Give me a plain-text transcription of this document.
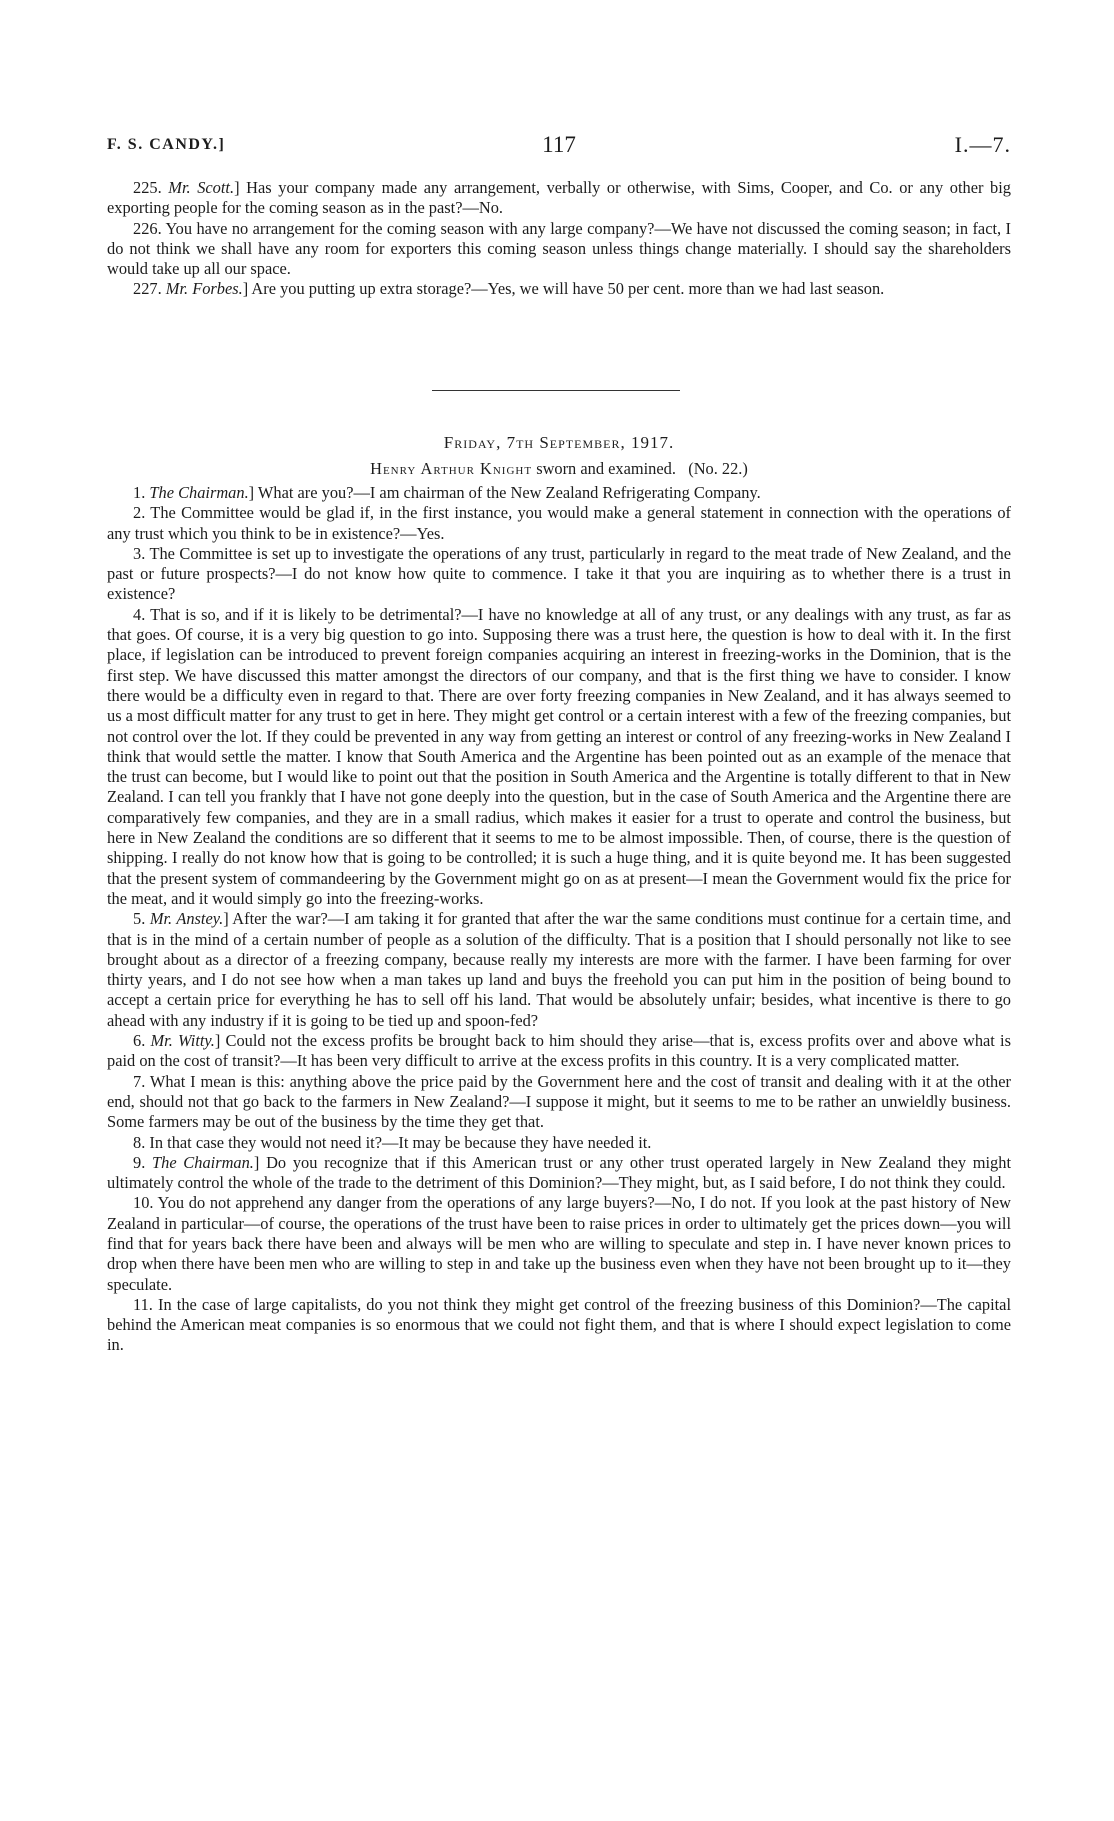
F. S. CANDY.]	117	I.—7.

225. Mr. Scott.] Has your company made any arrangement, verbally or otherwise, with Sims, Cooper, and Co. or any other big exporting people for the coming season as in the past?—No.

226. You have no arrangement for the coming season with any large company?—We have not discussed the coming season; in fact, I do not think we shall have any room for exporters this coming season unless things change materially. I should say the shareholders would take up all our space.

227. Mr. Forbes.] Are you putting up extra storage?—Yes, we will have 50 per cent. more than we had last season.

Friday, 7th September, 1917.
Henry Arthur Knight sworn and examined. (No. 22.)

1. The Chairman.] What are you?—I am chairman of the New Zealand Refrigerating Company.

2. The Committee would be glad if, in the first instance, you would make a general statement in connection with the operations of any trust which you think to be in existence?—Yes.

3. The Committee is set up to investigate the operations of any trust, particularly in regard to the meat trade of New Zealand, and the past or future prospects?—I do not know how quite to commence. I take it that you are inquiring as to whether there is a trust in existence?

4. That is so, and if it is likely to be detrimental?—I have no knowledge at all of any trust, or any dealings with any trust, as far as that goes. Of course, it is a very big question to go into. Supposing there was a trust here, the question is how to deal with it. In the first place, if legislation can be introduced to prevent foreign companies acquiring an interest in freezing-works in the Dominion, that is the first step. We have discussed this matter amongst the directors of our company, and that is the first thing we have to consider. I know there would be a difficulty even in regard to that. There are over forty freezing companies in New Zealand, and it has always seemed to us a most difficult matter for any trust to get in here. They might get control or a certain interest with a few of the freezing companies, but not control over the lot. If they could be prevented in any way from getting an interest or control of any freezing-works in New Zealand I think that would settle the matter. I know that South America and the Argentine has been pointed out as an example of the menace that the trust can become, but I would like to point out that the position in South America and the Argentine is totally different to that in New Zealand. I can tell you frankly that I have not gone deeply into the question, but in the case of South America and the Argentine there are comparatively few companies, and they are in a small radius, which makes it easier for a trust to operate and control the business, but here in New Zealand the conditions are so different that it seems to me to be almost impossible. Then, of course, there is the question of shipping. I really do not know how that is going to be controlled; it is such a huge thing, and it is quite beyond me. It has been suggested that the present system of commandeering by the Government might go on as at present—I mean the Government would fix the price for the meat, and it would simply go into the freezing-works.

5. Mr. Anstey.] After the war?—I am taking it for granted that after the war the same conditions must continue for a certain time, and that is in the mind of a certain number of people as a solution of the difficulty. That is a position that I should personally not like to see brought about as a director of a freezing company, because really my interests are more with the farmer. I have been farming for over thirty years, and I do not see how when a man takes up land and buys the freehold you can put him in the position of being bound to accept a certain price for everything he has to sell off his land. That would be absolutely unfair; besides, what incentive is there to go ahead with any industry if it is going to be tied up and spoon-fed?

6. Mr. Witty.] Could not the excess profits be brought back to him should they arise—that is, excess profits over and above what is paid on the cost of transit?—It has been very difficult to arrive at the excess profits in this country. It is a very complicated matter.

7. What I mean is this: anything above the price paid by the Government here and the cost of transit and dealing with it at the other end, should not that go back to the farmers in New Zealand?—I suppose it might, but it seems to me to be rather an unwieldly business. Some farmers may be out of the business by the time they get that.

8. In that case they would not need it?—It may be because they have needed it.

9. The Chairman.] Do you recognize that if this American trust or any other trust operated largely in New Zealand they might ultimately control the whole of the trade to the detriment of this Dominion?—They might, but, as I said before, I do not think they could.

10. You do not apprehend any danger from the operations of any large buyers?—No, I do not. If you look at the past history of New Zealand in particular—of course, the operations of the trust have been to raise prices in order to ultimately get the prices down—you will find that for years back there have been and always will be men who are willing to speculate and step in. I have never known prices to drop when there have been men who are willing to step in and take up the business even when they have not been brought up to it—they speculate.

11. In the case of large capitalists, do you not think they might get control of the freezing business of this Dominion?—The capital behind the American meat companies is so enormous that we could not fight them, and that is where I should expect legislation to come in.
